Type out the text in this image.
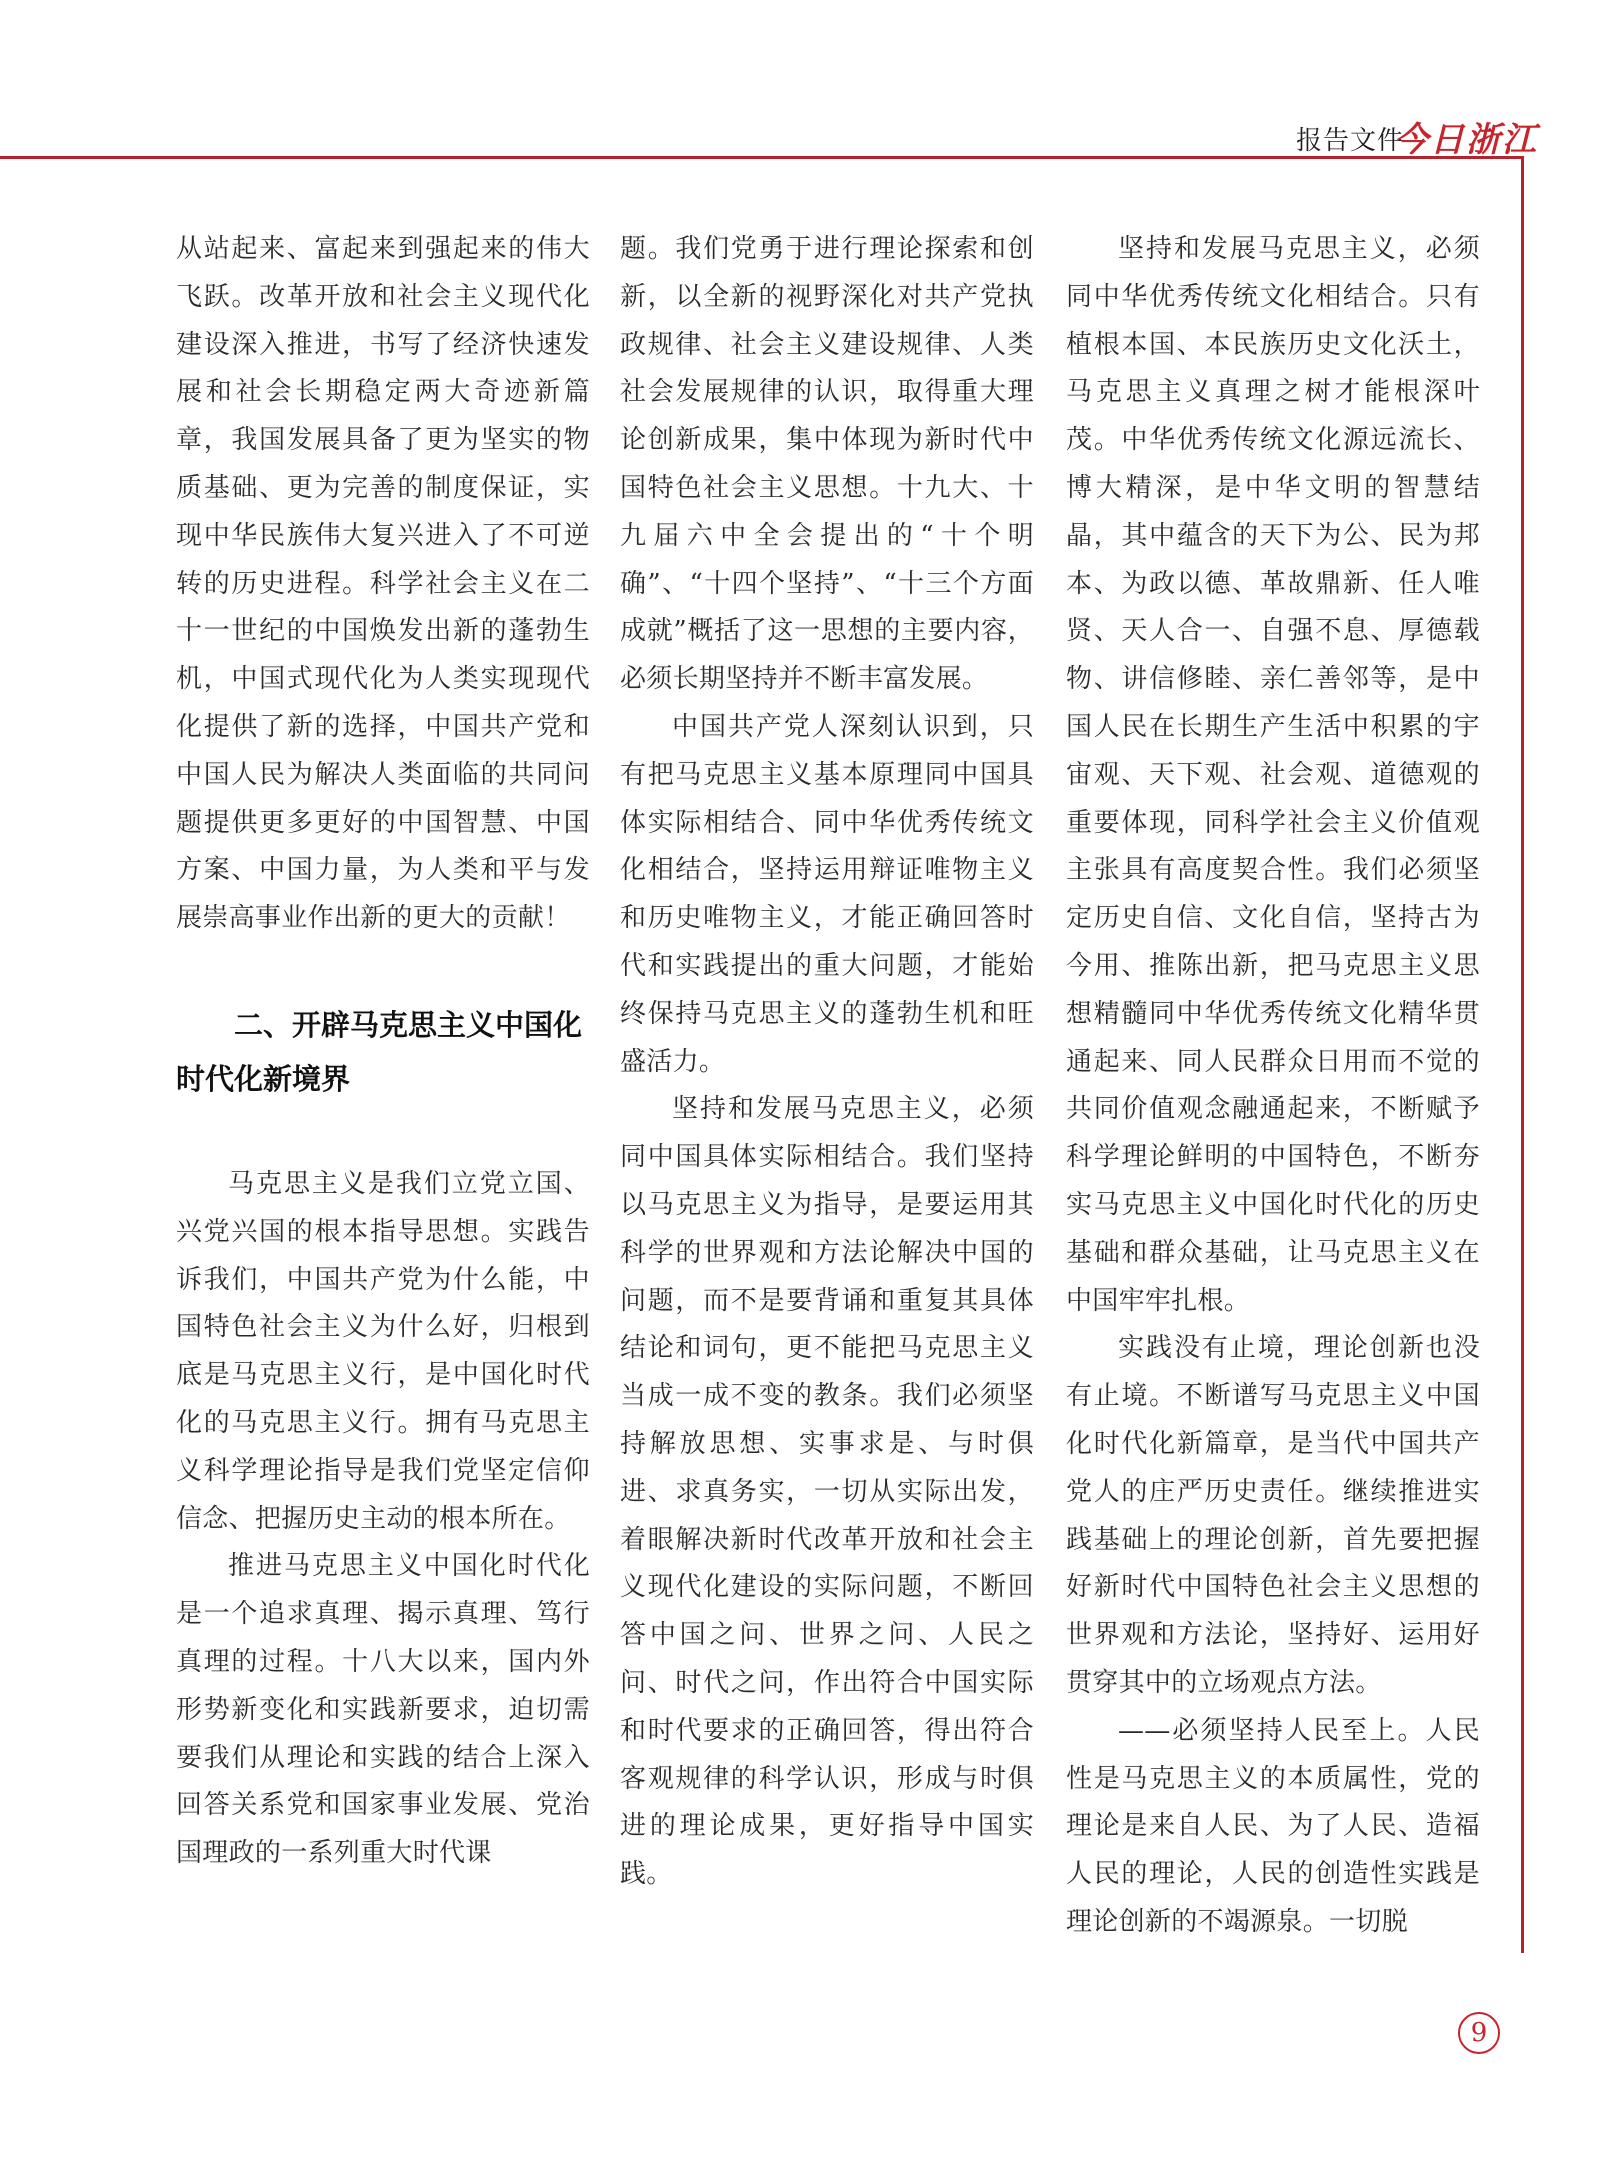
报告文件
今日浙江

从站起来、富起来到强起来的伟大飞跃。改革开放和社会主义现代化建设深入推进，书写了经济快速发展和社会长期稳定两大奇迹新篇章，我国发展具备了更为坚实的物质基础、更为完善的制度保证，实现中华民族伟大复兴进入了不可逆转的历史进程。科学社会主义在二十一世纪的中国焕发出新的蓬勃生机，中国式现代化为人类实现现代化提供了新的选择，中国共产党和中国人民为解决人类面临的共同问题提供更多更好的中国智慧、中国方案、中国力量，为人类和平与发展崇高事业作出新的更大的贡献！

二、开辟马克思主义中国化时代化新境界

马克思主义是我们立党立国、兴党兴国的根本指导思想。实践告诉我们，中国共产党为什么能，中国特色社会主义为什么好，归根到底是马克思主义行，是中国化时代化的马克思主义行。拥有马克思主义科学理论指导是我们党坚定信仰信念、把握历史主动的根本所在。

推进马克思主义中国化时代化是一个追求真理、揭示真理、笃行真理的过程。十八大以来，国内外形势新变化和实践新要求，迫切需要我们从理论和实践的结合上深入回答关系党和国家事业发展、党治国理政的一系列重大时代课

题。我们党勇于进行理论探索和创新，以全新的视野深化对共产党执政规律、社会主义建设规律、人类社会发展规律的认识，取得重大理论创新成果，集中体现为新时代中国特色社会主义思想。十九大、十九届六中全会提出的“十个明确”、“十四个坚持”、“十三个方面成就”概括了这一思想的主要内容，必须长期坚持并不断丰富发展。

中国共产党人深刻认识到，只有把马克思主义基本原理同中国具体实际相结合、同中华优秀传统文化相结合，坚持运用辩证唯物主义和历史唯物主义，才能正确回答时代和实践提出的重大问题，才能始终保持马克思主义的蓬勃生机和旺盛活力。

坚持和发展马克思主义，必须同中国具体实际相结合。我们坚持以马克思主义为指导，是要运用其科学的世界观和方法论解决中国的问题，而不是要背诵和重复其具体结论和词句，更不能把马克思主义当成一成不变的教条。我们必须坚持解放思想、实事求是、与时俱进、求真务实，一切从实际出发，着眼解决新时代改革开放和社会主义现代化建设的实际问题，不断回答中国之问、世界之问、人民之问、时代之问，作出符合中国实际和时代要求的正确回答，得出符合客观规律的科学认识，形成与时俱进的理论成果，更好指导中国实践。

坚持和发展马克思主义，必须同中华优秀传统文化相结合。只有植根本国、本民族历史文化沃土，马克思主义真理之树才能根深叶茂。中华优秀传统文化源远流长、博大精深，是中华文明的智慧结晶，其中蕴含的天下为公、民为邦本、为政以德、革故鼎新、任人唯贤、天人合一、自强不息、厚德载物、讲信修睦、亲仁善邻等，是中国人民在长期生产生活中积累的宇宙观、天下观、社会观、道德观的重要体现，同科学社会主义价值观主张具有高度契合性。我们必须坚定历史自信、文化自信，坚持古为今用、推陈出新，把马克思主义思想精髓同中华优秀传统文化精华贯通起来、同人民群众日用而不觉的共同价值观念融通起来，不断赋予科学理论鲜明的中国特色，不断夯实马克思主义中国化时代化的历史基础和群众基础，让马克思主义在中国牢牢扎根。

实践没有止境，理论创新也没有止境。不断谱写马克思主义中国化时代化新篇章，是当代中国共产党人的庄严历史责任。继续推进实践基础上的理论创新，首先要把握好新时代中国特色社会主义思想的世界观和方法论，坚持好、运用好贯穿其中的立场观点方法。

——必须坚持人民至上。人民性是马克思主义的本质属性，党的理论是来自人民、为了人民、造福人民的理论，人民的创造性实践是理论创新的不竭源泉。一切脱

9
